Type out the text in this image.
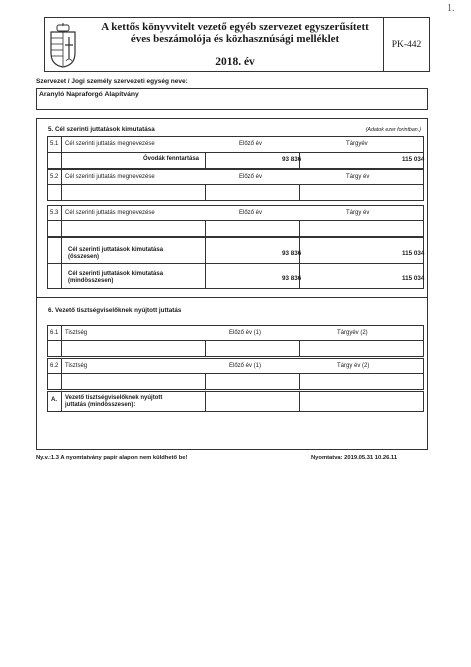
1.
A kettős könyvvitelt vezető egyéb szervezet egyszerűsített
éves beszámolója és közhasznúsági melléklet
2018. év
PK-442
Szervezet / Jogi személy szervezeti egység neve:
Aranyló Napraforgó Alapítvány
5. Cél szerinti juttatások kimutatása	(Adatok ezer forintban.)
5.1 Cél szerinti juttatás megnevezése	Előző év	Tárgyév
Óvodák fenntartása	93 836	115 034
5.2 Cél szerinti juttatás megnevezése	Előző év	Tárgy év
5.3 Cél szerinti juttatás megnevezése	Előző év	Tárgy év
Cél szerinti juttatások kimutatása
(összesen)	93 836	115 034
Cél szerinti juttatások kimutatása
(mindösszesen)	93 836	115 034
6. Vezető tisztségviselőknek nyújtott juttatás
6.1 Tisztség	Előző év (1)	Tárgyév (2)
6.2 Tisztség	Előző év (1)	Tárgy év (2)
A. Vezető tisztségviselőknek nyújtott
juttatás (mindösszesen):
Ny.v.:1.3 A nyomtatvány papír alapon nem küldhető be!	Nyomtatva: 2019.05.31 10.26.11
